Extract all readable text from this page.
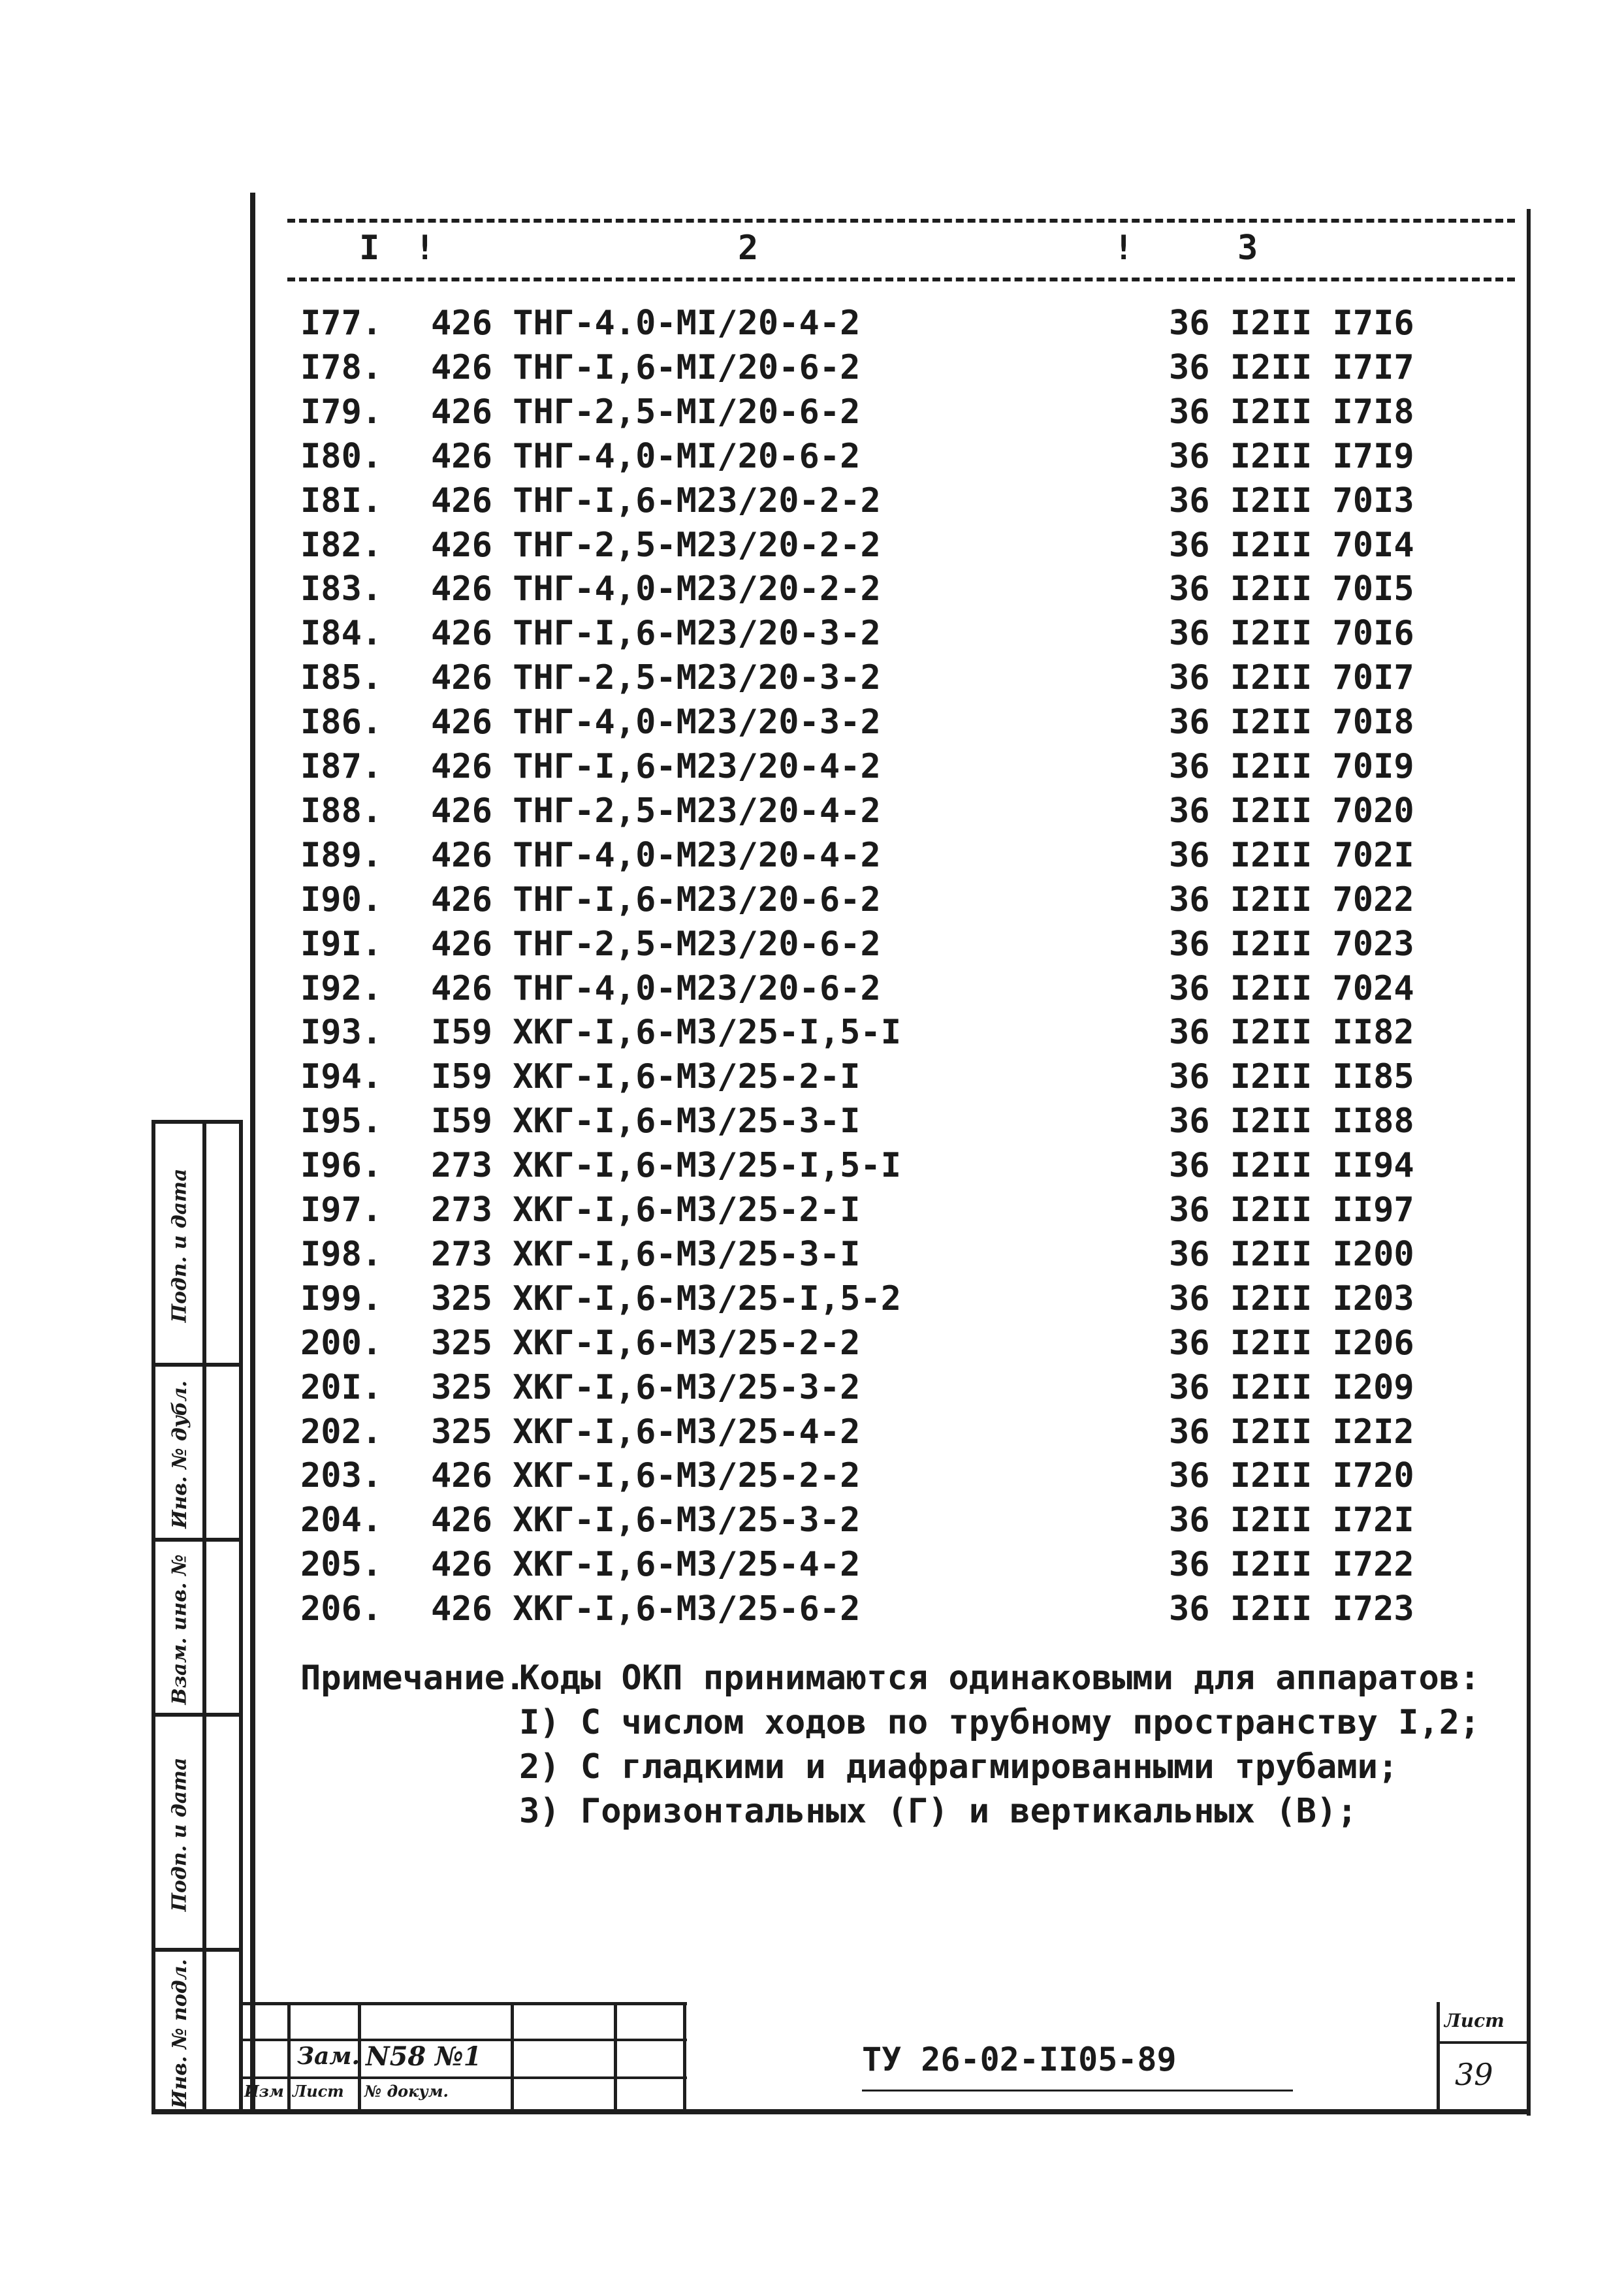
I !	2	!	3
I77. 426 ТНГ-4.0-МI/20-4-2	36 I2II I7I6
I78. 426 ТНГ-I,6-МI/20-6-2	36 I2II I7I7
I79. 426 ТНГ-2,5-МI/20-6-2	36 I2II I7I8
I80. 426 ТНГ-4,0-МI/20-6-2	36 I2II I7I9
I8I. 426 ТНГ-I,6-М23/20-2-2	36 I2II 70I3
I82. 426 ТНГ-2,5-М23/20-2-2	36 I2II 70I4
I83. 426 ТНГ-4,0-М23/20-2-2	36 I2II 70I5
I84. 426 ТНГ-I,6-М23/20-3-2	36 I2II 70I6
I85. 426 ТНГ-2,5-М23/20-3-2	36 I2II 70I7
I86. 426 ТНГ-4,0-М23/20-3-2	36 I2II 70I8
I87. 426 ТНГ-I,6-М23/20-4-2	36 I2II 70I9
I88. 426 ТНГ-2,5-М23/20-4-2	36 I2II 7020
I89. 426 ТНГ-4,0-М23/20-4-2	36 I2II 702I
I90. 426 ТНГ-I,6-М23/20-6-2	36 I2II 7022
I9I. 426 ТНГ-2,5-М23/20-6-2	36 I2II 7023
I92. 426 ТНГ-4,0-М23/20-6-2	36 I2II 7024
I93. I59 ХКГ-I,6-М3/25-I,5-I	36 I2II II82
I94. I59 ХКГ-I,6-М3/25-2-I	36 I2II II85
I95. I59 ХКГ-I,6-М3/25-3-I	36 I2II II88
I96. 273 ХКГ-I,6-М3/25-I,5-I	36 I2II II94
I97. 273 ХКГ-I,6-М3/25-2-I	36 I2II II97
I98. 273 ХКГ-I,6-М3/25-3-I	36 I2II I200
I99. 325 ХКГ-I,6-М3/25-I,5-2	36 I2II I203
200. 325 ХКГ-I,6-М3/25-2-2	36 I2II I206
20I. 325 ХКГ-I,6-М3/25-3-2	36 I2II I209
202. 325 ХКГ-I,6-М3/25-4-2	36 I2II I2I2
203. 426 ХКГ-I,6-М3/25-2-2	36 I2II I720
204. 426 ХКГ-I,6-М3/25-3-2	36 I2II I72I
205. 426 ХКГ-I,6-М3/25-4-2	36 I2II I722
206. 426 ХКГ-I,6-М3/25-6-2	36 I2II I723
Примечание.
Коды ОКП принимаются одинаковыми для аппаратов:
I) С числом ходов по трубному пространству I,2;
2) С гладкими и диафрагмированными трубами;
3) Горизонтальных (Г) и вертикальных (В);
Подп. и дата
Инв. № дубл.
Взам. инв. №
Подп. и дата
Инв. № подл.	Зам. N58 №1
Изм Лист № докум.
ТУ 26-02-II05-89
Лист
39
